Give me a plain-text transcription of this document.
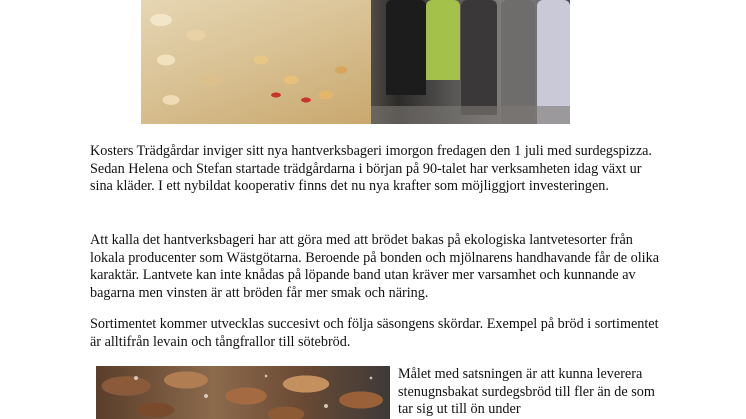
Kosters Trädgårdar inviger sitt nya hantverksbageri imorgon fredagen den 1 juli med surdegspizza. Sedan Helena och Stefan startade trädgårdarna i början på 90-talet har verksamheten idag växt ur sina kläder. I ett nybildat kooperativ finns det nu nya krafter som möjliggjort investeringen.

Att kalla det hantverksbageri har att göra med att brödet bakas på ekologiska lantvetesorter från lokala producenter som Wästgötarna. Beroende på bonden och mjölnarens handhavande får de olika karaktär. Lantvete kan inte knådas på löpande band utan kräver mer varsamhet och kunnande av bagarna men vinsten är att bröden får mer smak och näring.

Sortimentet kommer utvecklas succesivt och följa säsongens skördar. Exempel på bröd i sortimentet är alltifrån levain och tångfrallor till sötebröd.

Målet med satsningen är att kunna leverera stenugnsbakat surdegsbröd till fler än de som tar sig ut till ön under
